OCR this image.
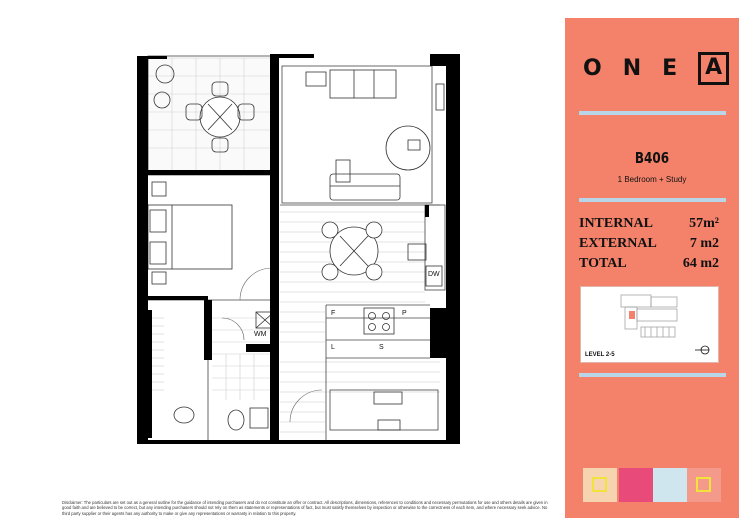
DW
WM
F	P
L	S
O N E	A
B406
1 Bedroom + Study
INTERNAL	57m²
EXTERNAL 7 m2
TOTAL	64 m2
LEVEL 2-5
Disclaimer: The particulars are set out as a general outline for the guidance of intending purchasers and do not constitute an offer or contract. All descriptions, dimensions, references to conditions and necessary permutations for use and others details are given in good faith and are believed to be correct, but any intending purchasers should not rely on them as statements or representations of fact, but must satisfy themselves by inspection or otherwise to the correctness of each item, and where necessary seek advice. No third party supplier or their agents has any authority to make or give any representations or warranty in relation to this property.
